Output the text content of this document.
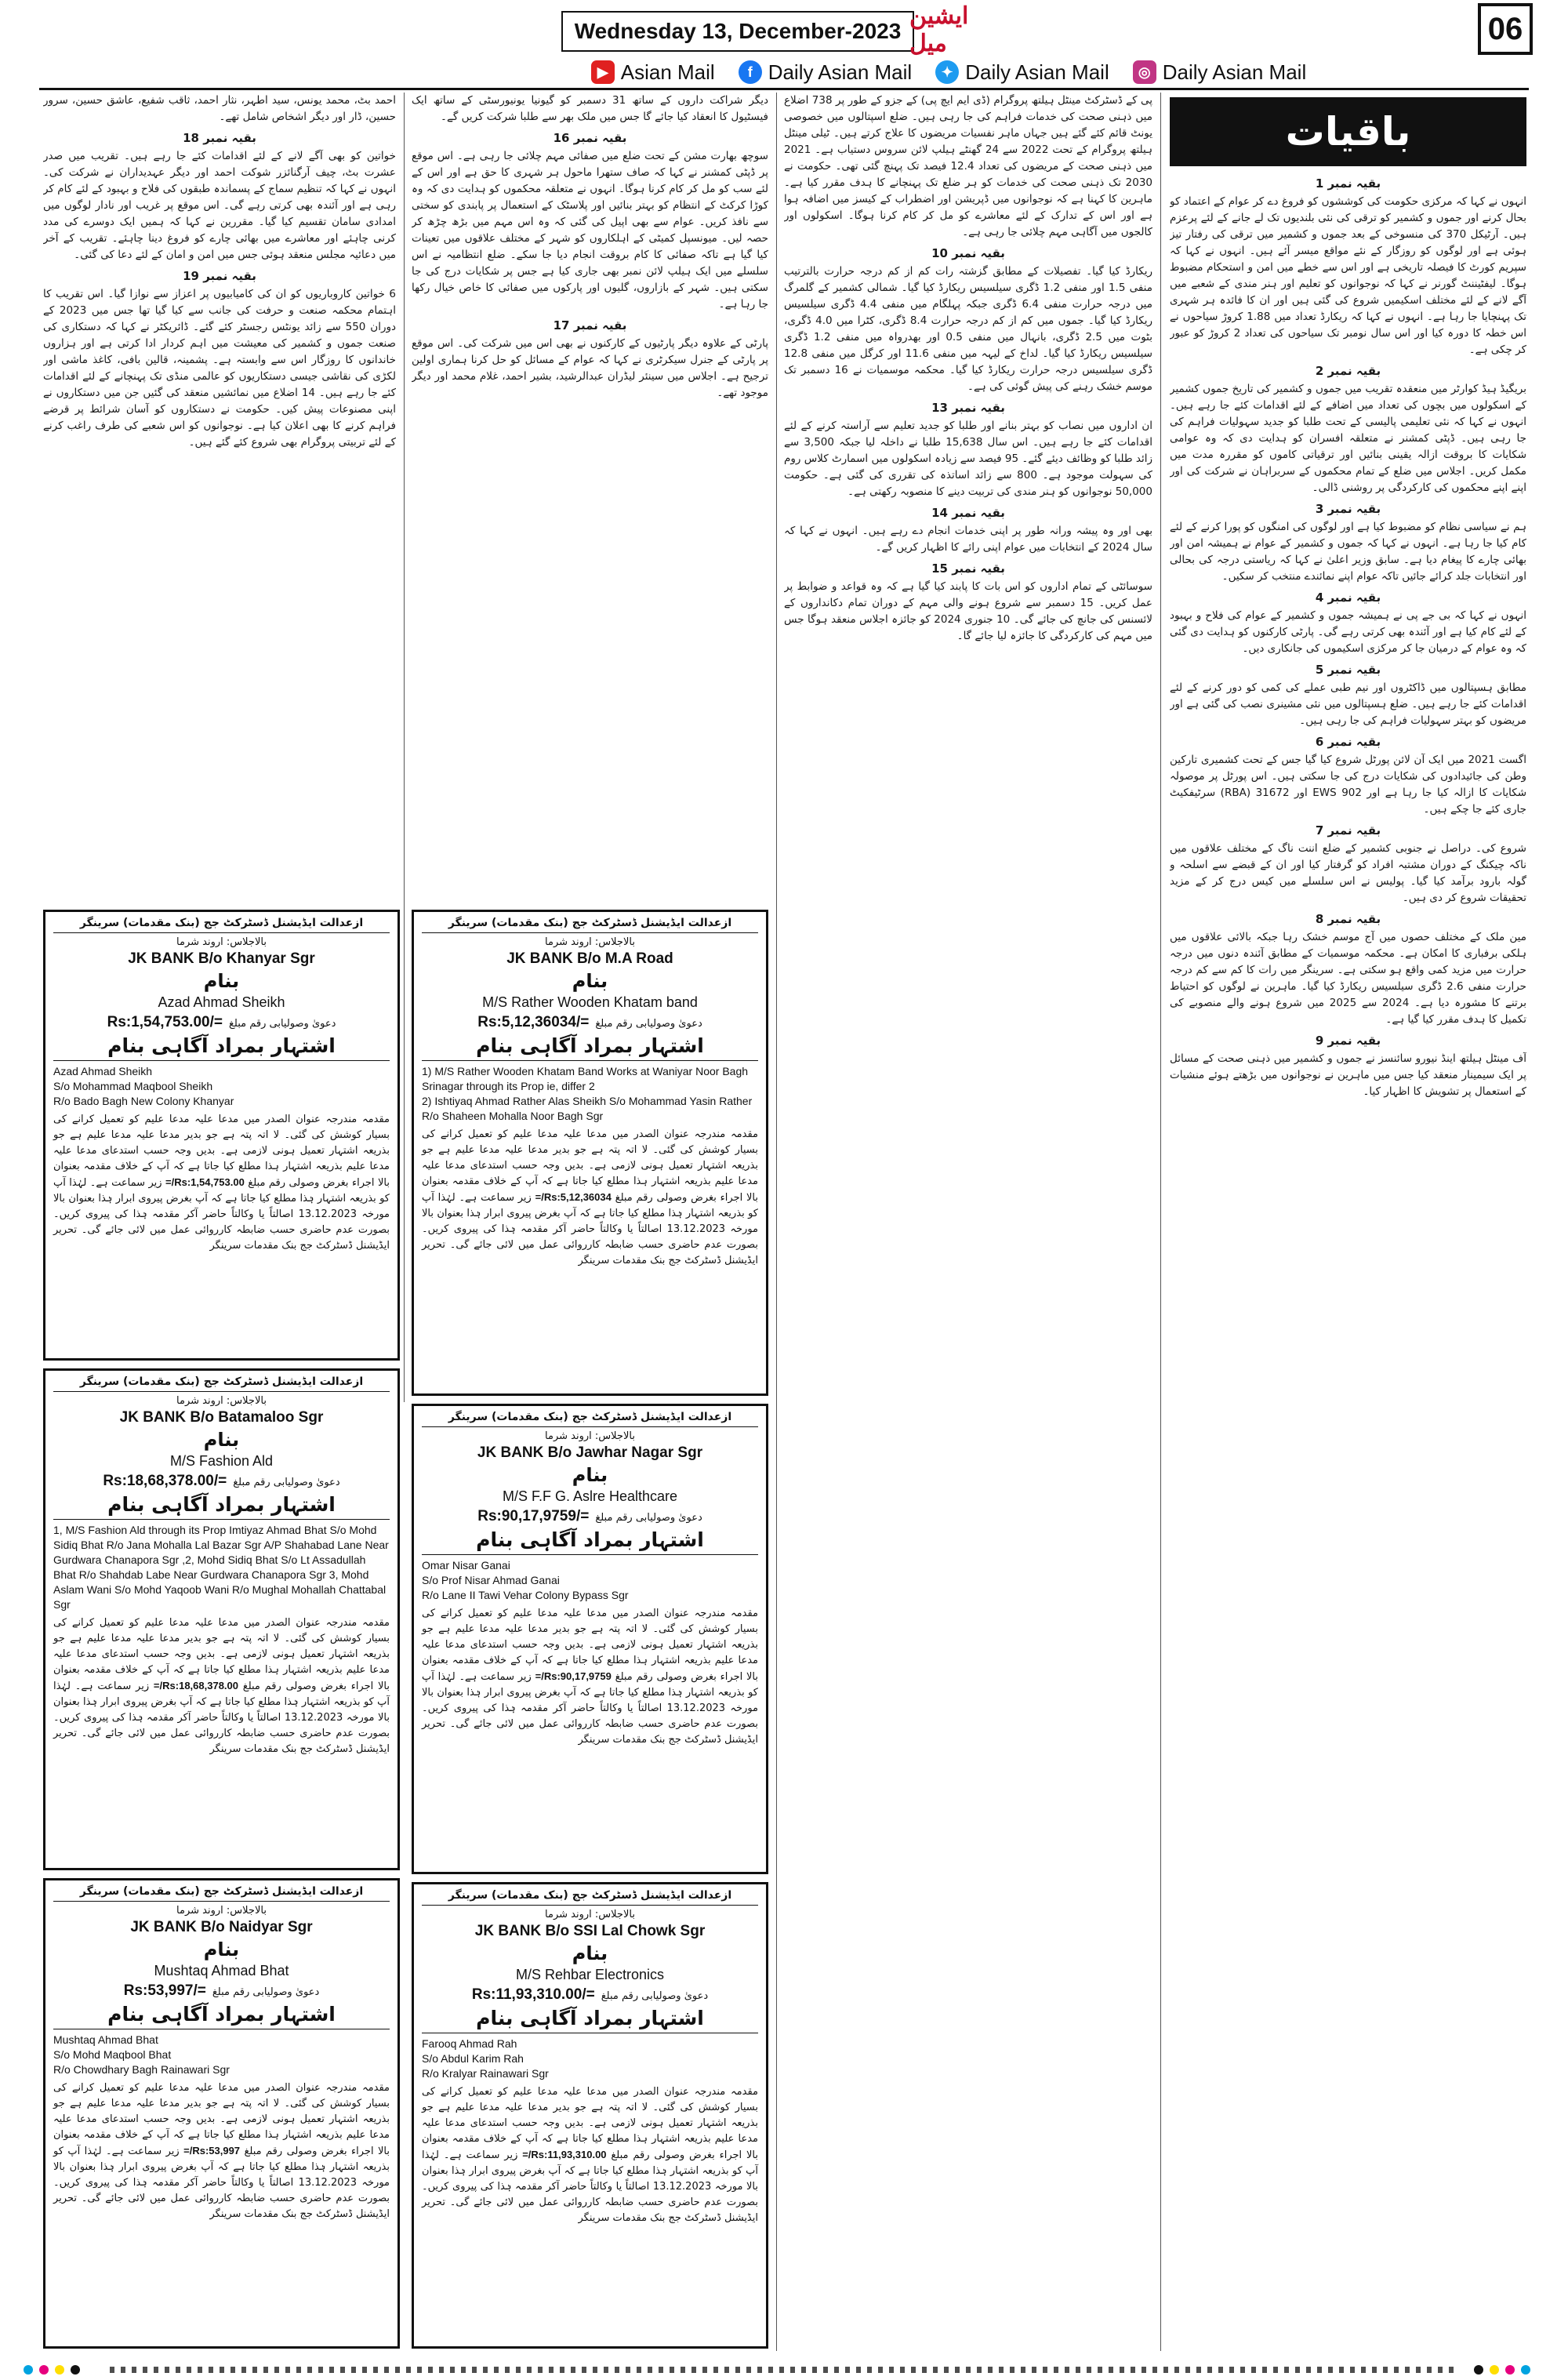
Wednesday 13, December-2023
ایشین میل	06
▶ Asian Mail	f Daily Asian Mail	✦ Daily Asian Mail	◎ Daily Asian Mail
باقیات
بقیہ نمبر 1

انہوں نے کہا کہ مرکزی حکومت کی کوششوں کو فروغ دے کر عوام کے اعتماد کو بحال کرنے اور جموں و کشمیر کو ترقی کی نئی بلندیوں تک لے جانے کے لئے پرعزم ہیں۔ آرٹیکل 370 کی منسوخی کے بعد جموں و کشمیر میں ترقی کی رفتار تیز ہوئی ہے اور لوگوں کو روزگار کے نئے مواقع میسر آئے ہیں۔ انہوں نے کہا کہ سپریم کورٹ کا فیصلہ تاریخی ہے اور اس سے خطے میں امن و استحکام مضبوط ہوگا۔ لیفٹیننٹ گورنر نے کہا کہ نوجوانوں کو تعلیم اور ہنر مندی کے شعبے میں آگے لانے کے لئے مختلف اسکیمیں شروع کی گئی ہیں اور ان کا فائدہ ہر شہری تک پہنچایا جا رہا ہے۔ انہوں نے کہا کہ ریکارڈ تعداد میں 1.88 کروڑ سیاحوں نے اس خطہ کا دورہ کیا اور اس سال نومبر تک سیاحوں کی تعداد 2 کروڑ کو عبور کر چکی ہے۔

بقیہ نمبر 2

بریگیڈ ہیڈ کوارٹر میں منعقدہ تقریب میں جموں و کشمیر کی تاریخ جموں کشمیر کے اسکولوں میں بچوں کی تعداد میں اضافے کے لئے اقدامات کئے جا رہے ہیں۔ انہوں نے کہا کہ نئی تعلیمی پالیسی کے تحت طلبا کو جدید سہولیات فراہم کی جا رہی ہیں۔ ڈپٹی کمشنر نے متعلقہ افسران کو ہدایت دی کہ وہ عوامی شکایات کا بروقت ازالہ یقینی بنائیں اور ترقیاتی کاموں کو مقررہ مدت میں مکمل کریں۔ اجلاس میں ضلع کے تمام محکموں کے سربراہان نے شرکت کی اور اپنے اپنے محکموں کی کارکردگی پر روشنی ڈالی۔

بقیہ نمبر 3

ہم نے سیاسی نظام کو مضبوط کیا ہے اور لوگوں کی امنگوں کو پورا کرنے کے لئے کام کیا جا رہا ہے۔ انہوں نے کہا کہ جموں و کشمیر کے عوام نے ہمیشہ امن اور بھائی چارے کا پیغام دیا ہے۔ سابق وزیر اعلیٰ نے کہا کہ ریاستی درجہ کی بحالی اور انتخابات جلد کرائے جائیں تاکہ عوام اپنے نمائندے منتخب کر سکیں۔

بقیہ نمبر 4

انہوں نے کہا کہ بی جے پی نے ہمیشہ جموں و کشمیر کے عوام کی فلاح و بہبود کے لئے کام کیا ہے اور آئندہ بھی کرتی رہے گی۔ پارٹی کارکنوں کو ہدایت دی گئی کہ وہ عوام کے درمیان جا کر مرکزی اسکیموں کی جانکاری دیں۔

بقیہ نمبر 5

مطابق ہسپتالوں میں ڈاکٹروں اور نیم طبی عملے کی کمی کو دور کرنے کے لئے اقدامات کئے جا رہے ہیں۔ ضلع ہسپتالوں میں نئی مشینری نصب کی گئی ہے اور مریضوں کو بہتر سہولیات فراہم کی جا رہی ہیں۔

بقیہ نمبر 6

اگست 2021 میں ایک آن لائن پورٹل شروع کیا گیا جس کے تحت کشمیری تارکین وطن کی جائیدادوں کی شکایات درج کی جا سکتی ہیں۔ اس پورٹل پر موصولہ شکایات کا ازالہ کیا جا رہا ہے اور 902 EWS اور 31672 (RBA) سرٹیفکیٹ جاری کئے جا چکے ہیں۔

بقیہ نمبر 7

شروع کی۔ دراصل نے جنوبی کشمیر کے ضلع اننت ناگ کے مختلف علاقوں میں ناکہ چیکنگ کے دوران مشتبہ افراد کو گرفتار کیا اور ان کے قبضے سے اسلحہ و گولہ بارود برآمد کیا گیا۔ پولیس نے اس سلسلے میں کیس درج کر کے مزید تحقیقات شروع کر دی ہیں۔

بقیہ نمبر 8

مین ملک کے مختلف حصوں میں آج موسم خشک رہا جبکہ بالائی علاقوں میں ہلکی برفباری کا امکان ہے۔ محکمہ موسمیات کے مطابق آئندہ دنوں میں درجہ حرارت میں مزید کمی واقع ہو سکتی ہے۔ سرینگر میں رات کا کم سے کم درجہ حرارت منفی 2.6 ڈگری سیلسیس ریکارڈ کیا گیا۔ ماہرین نے لوگوں کو احتیاط برتنے کا مشورہ دیا ہے۔ 2024 سے 2025 میں شروع ہونے والے منصوبے کی تکمیل کا ہدف مقرر کیا گیا ہے۔

بقیہ نمبر 9

آف مینٹل ہیلتھ اینڈ نیورو سائنسز نے جموں و کشمیر میں ذہنی صحت کے مسائل پر ایک سیمینار منعقد کیا جس میں ماہرین نے نوجوانوں میں بڑھتے ہوئے منشیات کے استعمال پر تشویش کا اظہار کیا۔

پی کے ڈسٹرکٹ مینٹل ہیلتھ پروگرام (ڈی ایم ایچ پی) کے جزو کے طور پر 738 اضلاع میں ذہنی صحت کی خدمات فراہم کی جا رہی ہیں۔ ضلع اسپتالوں میں خصوصی یونٹ قائم کئے گئے ہیں جہاں ماہر نفسیات مریضوں کا علاج کرتے ہیں۔ ٹیلی مینٹل ہیلتھ پروگرام کے تحت 2022 سے 24 گھنٹے ہیلپ لائن سروس دستیاب ہے۔ 2021 میں ذہنی صحت کے مریضوں کی تعداد 12.4 فیصد تک پہنچ گئی تھی۔ حکومت نے 2030 تک ذہنی صحت کی خدمات کو ہر ضلع تک پہنچانے کا ہدف مقرر کیا ہے۔ ماہرین کا کہنا ہے کہ نوجوانوں میں ڈپریشن اور اضطراب کے کیسز میں اضافہ ہوا ہے اور اس کے تدارک کے لئے معاشرے کو مل کر کام کرنا ہوگا۔ اسکولوں اور کالجوں میں آگاہی مہم چلائی جا رہی ہے۔

بقیہ نمبر 10

ریکارڈ کیا گیا۔ تفصیلات کے مطابق گزشتہ رات کم از کم درجہ حرارت بالترتیب منفی 1.5 اور منفی 1.2 ڈگری سیلسیس ریکارڈ کیا گیا۔ شمالی کشمیر کے گلمرگ میں درجہ حرارت منفی 6.4 ڈگری جبکہ پہلگام میں منفی 4.4 ڈگری سیلسیس ریکارڈ کیا گیا۔ جموں میں کم از کم درجہ حرارت 8.4 ڈگری، کٹرا میں 4.0 ڈگری، بٹوت میں 2.5 ڈگری، بانہال میں منفی 0.5 اور بھدرواہ میں منفی 1.2 ڈگری سیلسیس ریکارڈ کیا گیا۔ لداخ کے لیہہ میں منفی 11.6 اور کرگل میں منفی 12.8 ڈگری سیلسیس درجہ حرارت ریکارڈ کیا گیا۔ محکمہ موسمیات نے 16 دسمبر تک موسم خشک رہنے کی پیش گوئی کی ہے۔

بقیہ نمبر 13

ان اداروں میں نصاب کو بہتر بنانے اور طلبا کو جدید تعلیم سے آراستہ کرنے کے لئے اقدامات کئے جا رہے ہیں۔ اس سال 15,638 طلبا نے داخلہ لیا جبکہ 3,500 سے زائد طلبا کو وظائف دیئے گئے۔ 95 فیصد سے زیادہ اسکولوں میں اسمارٹ کلاس روم کی سہولت موجود ہے۔ 800 سے زائد اساتذہ کی تقرری کی گئی ہے۔ حکومت 50,000 نوجوانوں کو ہنر مندی کی تربیت دینے کا منصوبہ رکھتی ہے۔

بقیہ نمبر 14

بھی اور وہ پیشہ ورانہ طور پر اپنی خدمات انجام دے رہے ہیں۔ انہوں نے کہا کہ سال 2024 کے انتخابات میں عوام اپنی رائے کا اظہار کریں گے۔

بقیہ نمبر 15

سوسائٹی کے تمام اداروں کو اس بات کا پابند کیا گیا ہے کہ وہ قواعد و ضوابط پر عمل کریں۔ 15 دسمبر سے شروع ہونے والی مہم کے دوران تمام دکانداروں کے لائسنس کی جانچ کی جائے گی۔ 10 جنوری 2024 کو جائزہ اجلاس منعقد ہوگا جس میں مہم کی کارکردگی کا جائزہ لیا جائے گا۔

دیگر شراکت داروں کے ساتھ 31 دسمبر کو گیونیا یونیورسٹی کے ساتھ ایک فیسٹیول کا انعقاد کیا جائے گا جس میں ملک بھر سے طلبا شرکت کریں گے۔

بقیہ نمبر 16

سوچھ بھارت مشن کے تحت ضلع میں صفائی مہم چلائی جا رہی ہے۔ اس موقع پر ڈپٹی کمشنر نے کہا کہ صاف ستھرا ماحول ہر شہری کا حق ہے اور اس کے لئے سب کو مل کر کام کرنا ہوگا۔ انہوں نے متعلقہ محکموں کو ہدایت دی کہ وہ کوڑا کرکٹ کے انتظام کو بہتر بنائیں اور پلاسٹک کے استعمال پر پابندی کو سختی سے نافذ کریں۔ عوام سے بھی اپیل کی گئی کہ وہ اس مہم میں بڑھ چڑھ کر حصہ لیں۔ میونسپل کمیٹی کے اہلکاروں کو شہر کے مختلف علاقوں میں تعینات کیا گیا ہے تاکہ صفائی کا کام بروقت انجام دیا جا سکے۔ ضلع انتظامیہ نے اس سلسلے میں ایک ہیلپ لائن نمبر بھی جاری کیا ہے جس پر شکایات درج کی جا سکتی ہیں۔ شہر کے بازاروں، گلیوں اور پارکوں میں صفائی کا خاص خیال رکھا جا رہا ہے۔

بقیہ نمبر 17

پارٹی کے علاوہ دیگر پارٹیوں کے کارکنوں نے بھی اس میں شرکت کی۔ اس موقع پر پارٹی کے جنرل سیکرٹری نے کہا کہ عوام کے مسائل کو حل کرنا ہماری اولین ترجیح ہے۔ اجلاس میں سینئر لیڈران عبدالرشید، بشیر احمد، غلام محمد اور دیگر موجود تھے۔

احمد بٹ، محمد یونس، سید اطہر، نثار احمد، ثاقب شفیع، عاشق حسین، سرور حسین، ڈار اور دیگر اشخاص شامل تھے۔

بقیہ نمبر 18

خواتین کو بھی آگے لانے کے لئے اقدامات کئے جا رہے ہیں۔ تقریب میں صدر عشرت بٹ، چیف آرگنائزر شوکت احمد اور دیگر عہدیداران نے شرکت کی۔ انہوں نے کہا کہ تنظیم سماج کے پسماندہ طبقوں کی فلاح و بہبود کے لئے کام کر رہی ہے اور آئندہ بھی کرتی رہے گی۔ اس موقع پر غریب اور نادار لوگوں میں امدادی سامان تقسیم کیا گیا۔ مقررین نے کہا کہ ہمیں ایک دوسرے کی مدد کرنی چاہئے اور معاشرے میں بھائی چارے کو فروغ دینا چاہئے۔ تقریب کے آخر میں دعائیہ مجلس منعقد ہوئی جس میں امن و امان کے لئے دعا کی گئی۔

بقیہ نمبر 19

6 خواتین کاروباریوں کو ان کی کامیابیوں پر اعزاز سے نوازا گیا۔ اس تقریب کا اہتمام محکمہ صنعت و حرفت کی جانب سے کیا گیا تھا جس میں 2023 کے دوران 550 سے زائد یونٹس رجسٹر کئے گئے۔ ڈائریکٹر نے کہا کہ دستکاری کی صنعت جموں و کشمیر کی معیشت میں اہم کردار ادا کرتی ہے اور ہزاروں خاندانوں کا روزگار اس سے وابستہ ہے۔ پشمینہ، قالین بافی، کاغذ ماشی اور لکڑی کی نقاشی جیسی دستکاریوں کو عالمی منڈی تک پہنچانے کے لئے اقدامات کئے جا رہے ہیں۔ 14 اضلاع میں نمائشیں منعقد کی گئیں جن میں دستکاروں نے اپنی مصنوعات پیش کیں۔ حکومت نے دستکاروں کو آسان شرائط پر قرضے فراہم کرنے کا بھی اعلان کیا ہے۔ نوجوانوں کو اس شعبے کی طرف راغب کرنے کے لئے تربیتی پروگرام بھی شروع کئے گئے ہیں۔

ازعدالت ایڈیشنل ڈسٹرکٹ جج (بنک مقدمات) سرینگر
بالاجلاس: اروند شرما
JK BANK B/o M.A Road
بنام
M/S Rather Wooden Khatam band
Rs:5,12,36034/= دعویٰ وصولیابی رقم مبلغ
اشتہار بمراد آگاہی بنام
1) M/S Rather Wooden Khatam Band Works at Waniyar Noor Bagh Srinagar through its Prop ie, differ 2
2) Ishtiyaq Ahmad Rather Alas Sheikh S/o Mohammad Yasin Rather R/o Shaheen Mohalla Noor Bagh Sgr
مقدمہ مندرجہ عنوان الصدر میں مدعا علیہ مدعا علیم کو تعمیل کرانے کی بسیار کوشش کی گئی۔ لا اتہ پتہ ہے جو بدیر مدعا علیہ مدعا علیم ہے جو بذریعہ اشتہار تعمیل ہونی لازمی ہے۔ بدیں وجہ حسب استدعای مدعا علیہ مدعا علیم بذریعہ اشتہار ہذا مطلع کیا جاتا ہے کہ آپ کے خلاف مقدمہ بعنوان بالا اجراء بغرض وصولی رقم مبلغ Rs:5,12,36034/= زیر سماعت ہے۔ لہٰذا آپ کو بذریعہ اشتہار ہٰذا مطلع کیا جاتا ہے کہ آپ بغرض پیروی ابرار ہٰذا بعنوان بالا مورخہ 13.12.2023 اصالتاً یا وکالتاً حاضر آکر مقدمہ ہٰذا کی پیروی کریں۔ بصورت عدم حاضری حسب ضابطہ کارروائی عمل میں لائی جائے گی۔ تحریر ایڈیشنل ڈسٹرکٹ جج بنک مقدمات سرینگر
ازعدالت ایڈیشنل ڈسٹرکٹ جج (بنک مقدمات) سرینگر
بالاجلاس: اروند شرما
JK BANK B/o Khanyar Sgr
بنام
Azad Ahmad Sheikh
Rs:1,54,753.00/= دعویٰ وصولیابی رقم مبلغ
اشتہار بمراد آگاہی بنام
Azad Ahmad Sheikh
S/o Mohammad Maqbool Sheikh
R/o Bado Bagh New Colony Khanyar
مقدمہ مندرجہ عنوان الصدر میں مدعا علیہ مدعا علیم کو تعمیل کرانے کی بسیار کوشش کی گئی۔ لا اتہ پتہ ہے جو بدیر مدعا علیہ مدعا علیم ہے جو بذریعہ اشتہار تعمیل ہونی لازمی ہے۔ بدیں وجہ حسب استدعای مدعا علیہ مدعا علیم بذریعہ اشتہار ہذا مطلع کیا جاتا ہے کہ آپ کے خلاف مقدمہ بعنوان بالا اجراء بغرض وصولی رقم مبلغ Rs:1,54,753.00/= زیر سماعت ہے۔ لہٰذا آپ کو بذریعہ اشتہار ہٰذا مطلع کیا جاتا ہے کہ آپ بغرض پیروی ابرار ہٰذا بعنوان بالا مورخہ 13.12.2023 اصالتاً یا وکالتاً حاضر آکر مقدمہ ہٰذا کی پیروی کریں۔ بصورت عدم حاضری حسب ضابطہ کارروائی عمل میں لائی جائے گی۔ تحریر ایڈیشنل ڈسٹرکٹ جج بنک مقدمات سرینگر
ازعدالت ایڈیشنل ڈسٹرکٹ جج (بنک مقدمات) سرینگر
بالاجلاس: اروند شرما
JK BANK B/o Jawhar Nagar Sgr
بنام
M/S F.F G. Aslre Healthcare
Rs:90,17,9759/= دعویٰ وصولیابی رقم مبلغ
اشتہار بمراد آگاہی بنام
Omar Nisar Ganai
S/o Prof Nisar Ahmad Ganai
R/o Lane II Tawi Vehar Colony Bypass Sgr
مقدمہ مندرجہ عنوان الصدر میں مدعا علیہ مدعا علیم کو تعمیل کرانے کی بسیار کوشش کی گئی۔ لا اتہ پتہ ہے جو بدیر مدعا علیہ مدعا علیم ہے جو بذریعہ اشتہار تعمیل ہونی لازمی ہے۔ بدیں وجہ حسب استدعای مدعا علیہ مدعا علیم بذریعہ اشتہار ہذا مطلع کیا جاتا ہے کہ آپ کے خلاف مقدمہ بعنوان بالا اجراء بغرض وصولی رقم مبلغ Rs:90,17,9759/= زیر سماعت ہے۔ لہٰذا آپ کو بذریعہ اشتہار ہٰذا مطلع کیا جاتا ہے کہ آپ بغرض پیروی ابرار ہٰذا بعنوان بالا مورخہ 13.12.2023 اصالتاً یا وکالتاً حاضر آکر مقدمہ ہٰذا کی پیروی کریں۔ بصورت عدم حاضری حسب ضابطہ کارروائی عمل میں لائی جائے گی۔ تحریر ایڈیشنل ڈسٹرکٹ جج بنک مقدمات سرینگر
ازعدالت ایڈیشنل ڈسٹرکٹ جج (بنک مقدمات) سرینگر
بالاجلاس: اروند شرما
JK BANK B/o Batamaloo Sgr
بنام
M/S Fashion Ald
Rs:18,68,378.00/= دعویٰ وصولیابی رقم مبلغ
اشتہار بمراد آگاہی بنام
1, M/S Fashion Ald through its Prop Imtiyaz Ahmad Bhat S/o Mohd Sidiq Bhat R/o Jana Mohalla Lal Bazar Sgr A/P Shahabad Lane Near Gurdwara Chanapora Sgr ,2, Mohd Sidiq Bhat S/o Lt Assadullah Bhat R/o Shahdab Labe Near Gurdwara Chanapora Sgr 3, Mohd Aslam Wani S/o Mohd Yaqoob Wani R/o Mughal Mohallah Chattabal Sgr
مقدمہ مندرجہ عنوان الصدر میں مدعا علیہ مدعا علیم کو تعمیل کرانے کی بسیار کوشش کی گئی۔ لا اتہ پتہ ہے جو بدیر مدعا علیہ مدعا علیم ہے جو بذریعہ اشتہار تعمیل ہونی لازمی ہے۔ بدیں وجہ حسب استدعای مدعا علیہ مدعا علیم بذریعہ اشتہار ہذا مطلع کیا جاتا ہے کہ آپ کے خلاف مقدمہ بعنوان بالا اجراء بغرض وصولی رقم مبلغ Rs:18,68,378.00/= زیر سماعت ہے۔ لہٰذا آپ کو بذریعہ اشتہار ہٰذا مطلع کیا جاتا ہے کہ آپ بغرض پیروی ابرار ہٰذا بعنوان بالا مورخہ 13.12.2023 اصالتاً یا وکالتاً حاضر آکر مقدمہ ہٰذا کی پیروی کریں۔ بصورت عدم حاضری حسب ضابطہ کارروائی عمل میں لائی جائے گی۔ تحریر ایڈیشنل ڈسٹرکٹ جج بنک مقدمات سرینگر
ازعدالت ایڈیشنل ڈسٹرکٹ جج (بنک مقدمات) سرینگر
بالاجلاس: اروند شرما
JK BANK B/o SSI Lal Chowk Sgr
بنام
M/S Rehbar Electronics
Rs:11,93,310.00/= دعویٰ وصولیابی رقم مبلغ
اشتہار بمراد آگاہی بنام
Farooq Ahmad Rah
S/o Abdul Karim Rah
R/o Kralyar Rainawari Sgr
مقدمہ مندرجہ عنوان الصدر میں مدعا علیہ مدعا علیم کو تعمیل کرانے کی بسیار کوشش کی گئی۔ لا اتہ پتہ ہے جو بدیر مدعا علیہ مدعا علیم ہے جو بذریعہ اشتہار تعمیل ہونی لازمی ہے۔ بدیں وجہ حسب استدعای مدعا علیہ مدعا علیم بذریعہ اشتہار ہذا مطلع کیا جاتا ہے کہ آپ کے خلاف مقدمہ بعنوان بالا اجراء بغرض وصولی رقم مبلغ Rs:11,93,310.00/= زیر سماعت ہے۔ لہٰذا آپ کو بذریعہ اشتہار ہٰذا مطلع کیا جاتا ہے کہ آپ بغرض پیروی ابرار ہٰذا بعنوان بالا مورخہ 13.12.2023 اصالتاً یا وکالتاً حاضر آکر مقدمہ ہٰذا کی پیروی کریں۔ بصورت عدم حاضری حسب ضابطہ کارروائی عمل میں لائی جائے گی۔ تحریر ایڈیشنل ڈسٹرکٹ جج بنک مقدمات سرینگر
ازعدالت ایڈیشنل ڈسٹرکٹ جج (بنک مقدمات) سرینگر
بالاجلاس: اروند شرما
JK BANK B/o Naidyar Sgr
بنام
Mushtaq Ahmad Bhat
Rs:53,997/= دعویٰ وصولیابی رقم مبلغ
اشتہار بمراد آگاہی بنام
Mushtaq Ahmad Bhat
S/o Mohd Maqbool Bhat
R/o Chowdhary Bagh Rainawari Sgr
مقدمہ مندرجہ عنوان الصدر میں مدعا علیہ مدعا علیم کو تعمیل کرانے کی بسیار کوشش کی گئی۔ لا اتہ پتہ ہے جو بدیر مدعا علیہ مدعا علیم ہے جو بذریعہ اشتہار تعمیل ہونی لازمی ہے۔ بدیں وجہ حسب استدعای مدعا علیہ مدعا علیم بذریعہ اشتہار ہذا مطلع کیا جاتا ہے کہ آپ کے خلاف مقدمہ بعنوان بالا اجراء بغرض وصولی رقم مبلغ Rs:53,997/= زیر سماعت ہے۔ لہٰذا آپ کو بذریعہ اشتہار ہٰذا مطلع کیا جاتا ہے کہ آپ بغرض پیروی ابرار ہٰذا بعنوان بالا مورخہ 13.12.2023 اصالتاً یا وکالتاً حاضر آکر مقدمہ ہٰذا کی پیروی کریں۔ بصورت عدم حاضری حسب ضابطہ کارروائی عمل میں لائی جائے گی۔ تحریر ایڈیشنل ڈسٹرکٹ جج بنک مقدمات سرینگر
